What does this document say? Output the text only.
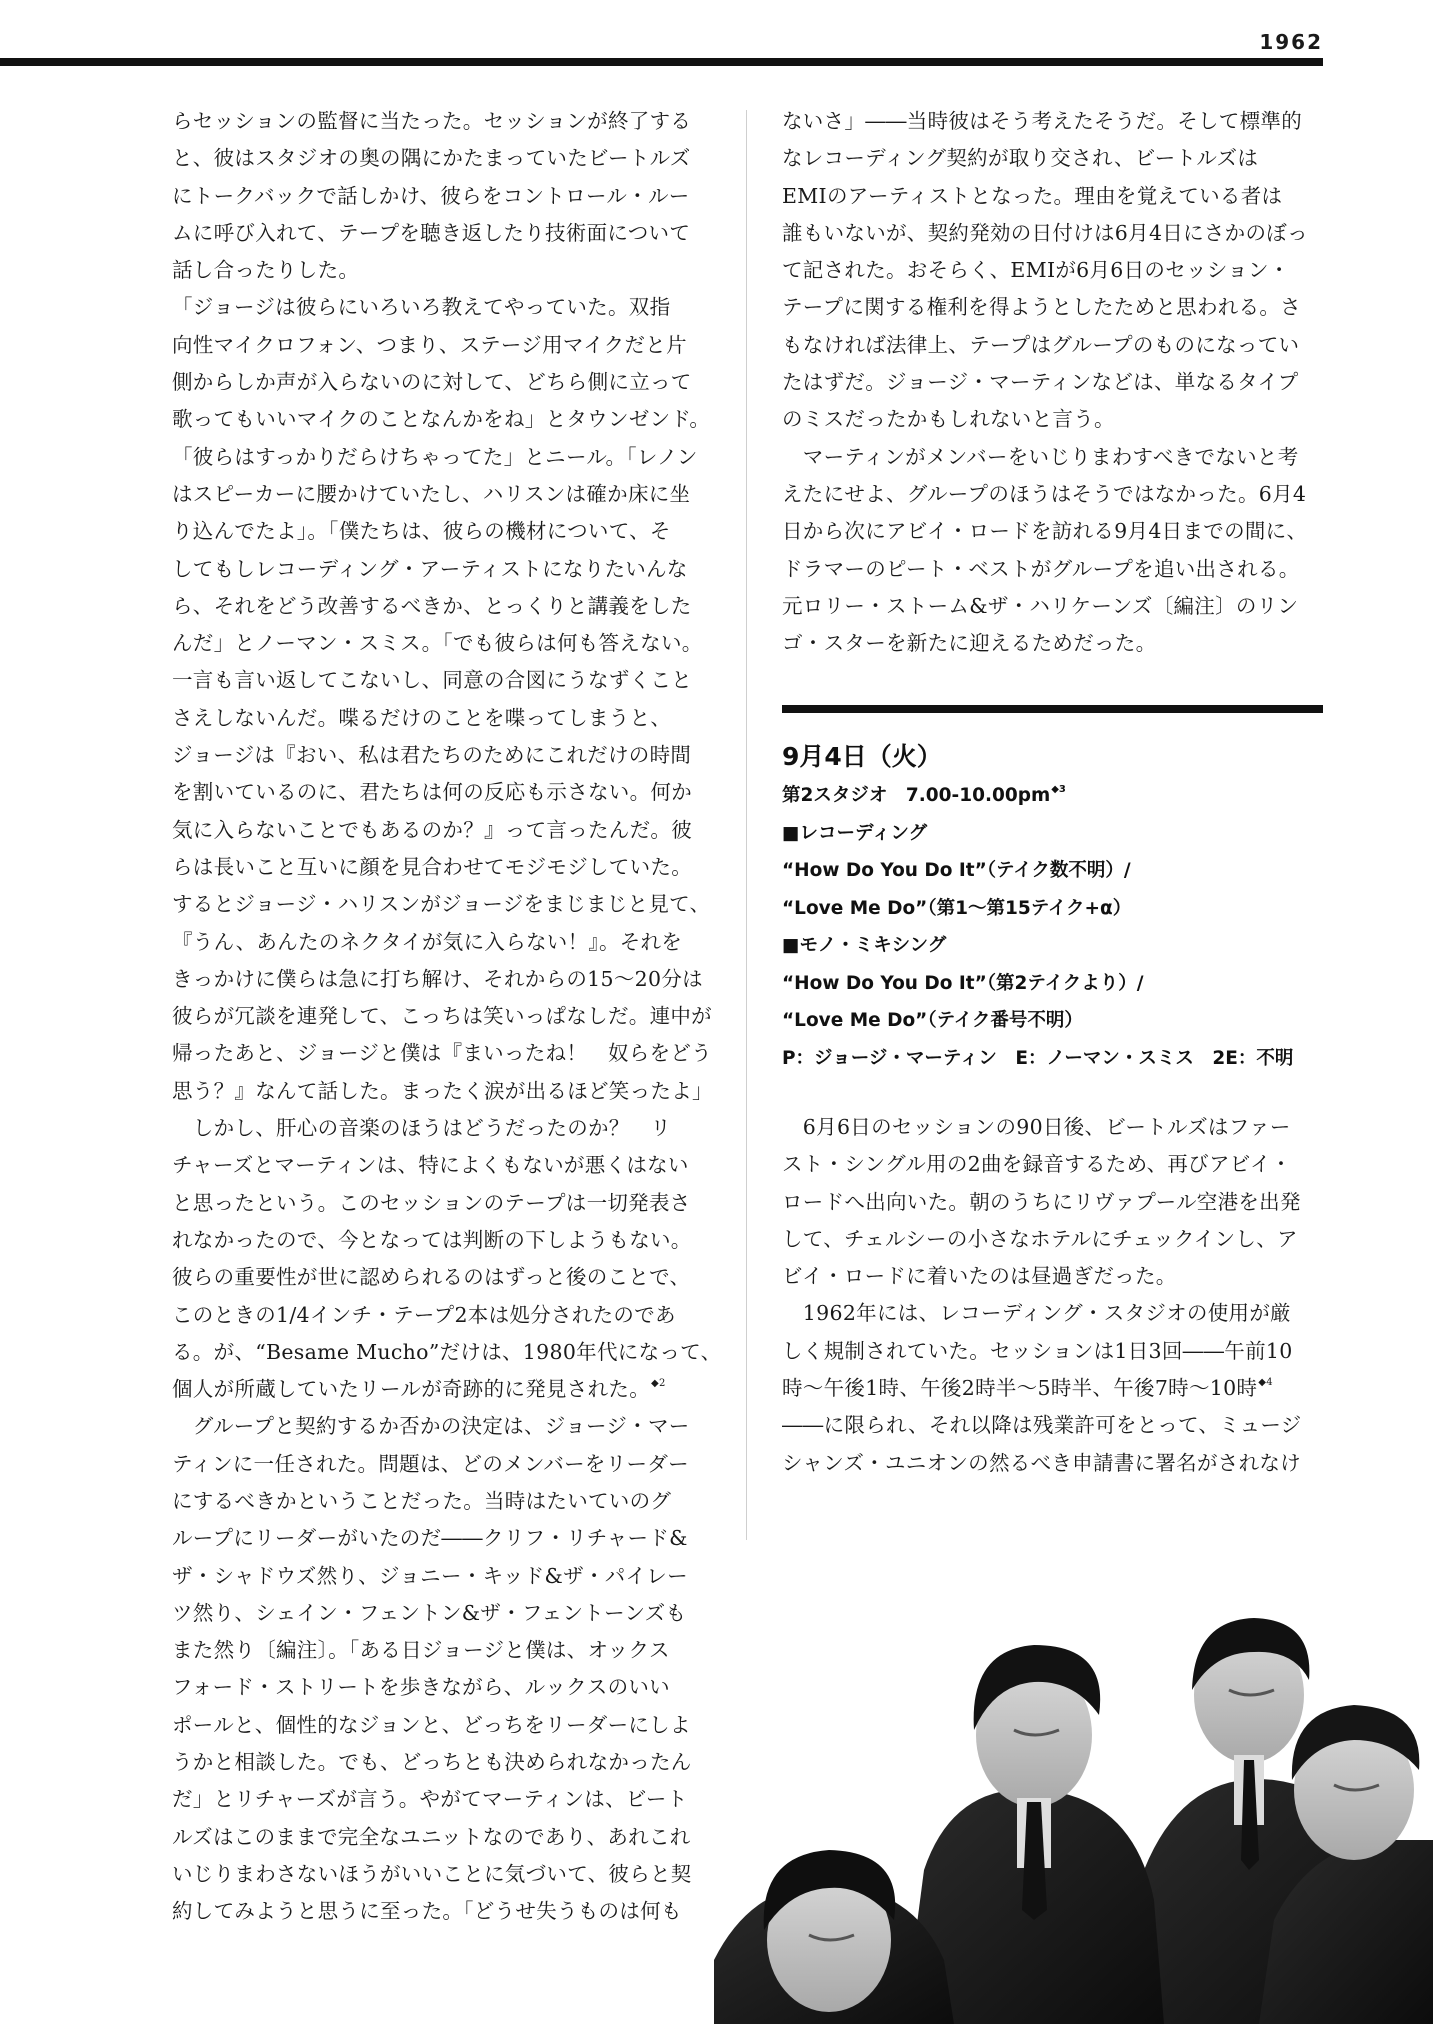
1962

らセッションの監督に当たった。セッションが終了する

と、彼はスタジオの奥の隅にかたまっていたビートルズ

にトークバックで話しかけ、彼らをコントロール・ルー

ムに呼び入れて、テープを聴き返したり技術面について

話し合ったりした。

「ジョージは彼らにいろいろ教えてやっていた。双指

向性マイクロフォン、つまり、ステージ用マイクだと片

側からしか声が入らないのに対して、どちら側に立って

歌ってもいいマイクのことなんかをね」とタウンゼンド。

「彼らはすっかりだらけちゃってた」とニール。「レノン

はスピーカーに腰かけていたし、ハリスンは確か床に坐

り込んでたよ」。「僕たちは、彼らの機材について、そ

してもしレコーディング・アーティストになりたいんな

ら、それをどう改善するべきか、とっくりと講義をした

んだ」とノーマン・スミス。「でも彼らは何も答えない。

一言も言い返してこないし、同意の合図にうなずくこと

さえしないんだ。喋るだけのことを喋ってしまうと、

ジョージは『おい、私は君たちのためにこれだけの時間

を割いているのに、君たちは何の反応も示さない。何か

気に入らないことでもあるのか？』って言ったんだ。彼

らは長いこと互いに顔を見合わせてモジモジしていた。

するとジョージ・ハリスンがジョージをまじまじと見て、

『うん、あんたのネクタイが気に入らない！』。それを

きっかけに僕らは急に打ち解け、それからの15～20分は

彼らが冗談を連発して、こっちは笑いっぱなしだ。連中が

帰ったあと、ジョージと僕は『まいったね！　奴らをどう

思う？』なんて話した。まったく涙が出るほど笑ったよ」

　しかし、肝心の音楽のほうはどうだったのか？　リ

チャーズとマーティンは、特によくもないが悪くはない

と思ったという。このセッションのテープは一切発表さ

れなかったので、今となっては判断の下しようもない。

彼らの重要性が世に認められるのはずっと後のことで、

このときの1/4インチ・テープ2本は処分されたのであ

る。が、“Besame Mucho”だけは、1980年代になって、

個人が所蔵していたリールが奇跡的に発見された。$^{◆2}$

　グループと契約するか否かの決定は、ジョージ・マー

ティンに一任された。問題は、どのメンバーをリーダー

にするべきかということだった。当時はたいていのグ

ループにリーダーがいたのだ――クリフ・リチャード&

ザ・シャドウズ然り、ジョニー・キッド&ザ・パイレー

ツ然り、シェイン・フェントン&ザ・フェントーンズも

また然り〔編注〕。「ある日ジョージと僕は、オックス

フォード・ストリートを歩きながら、ルックスのいい

ポールと、個性的なジョンと、どっちをリーダーにしよ

うかと相談した。でも、どっちとも決められなかったん

だ」とリチャーズが言う。やがてマーティンは、ビート

ルズはこのままで完全なユニットなのであり、あれこれ

いじりまわさないほうがいいことに気づいて、彼らと契

約してみようと思うに至った。「どうせ失うものは何も

ないさ」――当時彼はそう考えたそうだ。そして標準的

なレコーディング契約が取り交され、ビートルズは

EMIのアーティストとなった。理由を覚えている者は

誰もいないが、契約発効の日付けは6月4日にさかのぼっ

て記された。おそらく、EMIが6月6日のセッション・

テープに関する権利を得ようとしたためと思われる。さ

もなければ法律上、テープはグループのものになってい

たはずだ。ジョージ・マーティンなどは、単なるタイプ

のミスだったかもしれないと言う。

　マーティンがメンバーをいじりまわすべきでないと考

えたにせよ、グループのほうはそうではなかった。6月4

日から次にアビイ・ロードを訪れる9月4日までの間に、

ドラマーのピート・ベストがグループを追い出される。

元ロリー・ストーム&ザ・ハリケーンズ〔編注〕のリン

ゴ・スターを新たに迎えるためだった。

9月4日（火）
第2スタジオ　$7.00-10.00pm^{◆3}$
■レコーディング
“How Do You Do It”（テイク数不明）/
“Love Me Do”（第1～第15テイク+α）
■モノ・ミキシング
“How Do You Do It”（第2テイクより）/
“Love Me Do”（テイク番号不明）
P：ジョージ・マーティン　E：ノーマン・スミス　2E：不明

　6月6日のセッションの90日後、ビートルズはファー

スト・シングル用の2曲を録音するため、再びアビイ・

ロードへ出向いた。朝のうちにリヴァプール空港を出発

して、チェルシーの小さなホテルにチェックインし、ア

ビイ・ロードに着いたのは昼過ぎだった。

　1962年には、レコーディング・スタジオの使用が厳

しく規制されていた。セッションは1日3回――午前10

時～午後1時、午後2時半～5時半、午後7時～10時$^{◆4}$

――に限られ、それ以降は残業許可をとって、ミュージ

シャンズ・ユニオンの然るべき申請書に署名がされなけ
